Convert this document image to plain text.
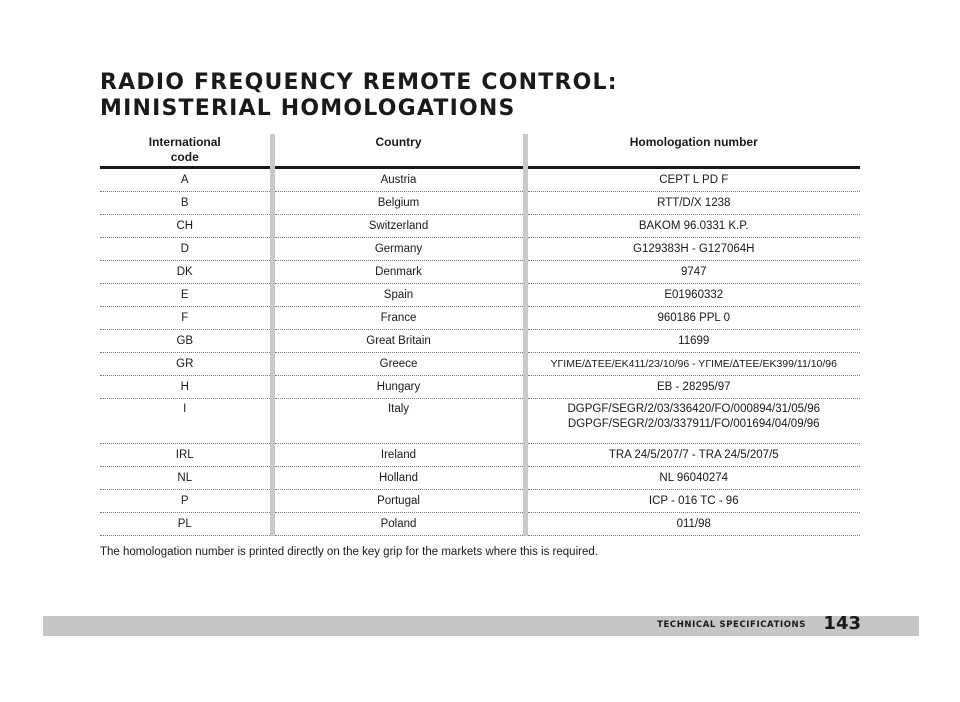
RADIO FREQUENCY REMOTE CONTROL:
MINISTERIAL HOMOLOGATIONS
International
code	Country	Homologation number
A	Austria	CEPT L PD F
B	Belgium	RTT/D/X 1238
CH	Switzerland	BAKOM 96.0331 K.P.
D	Germany	G129383H - G127064H
DK	Denmark	9747
E	Spain	E01960332
F	France	960186 PPL 0
GB	Great Britain	11699
GR	Greece	YΓIME/∆TEE/EK411/23/10/96 - YΓIME/∆TEE/EK399/11/10/96
H	Hungary	EB - 28295/97
I	Italy	DGPGF/SEGR/2/03/336420/FO/000894/31/05/96
DGPGF/SEGR/2/03/337911/FO/001694/04/09/96

IRL	Ireland	TRA 24/5/207/7 - TRA 24/5/207/5
NL	Holland	NL 96040274
P	Portugal	ICP - 016 TC - 96
PL	Poland	011/98

The homologation number is printed directly on the key grip for the markets where this is required.

TECHNICAL SPECIFICATIONS 143
